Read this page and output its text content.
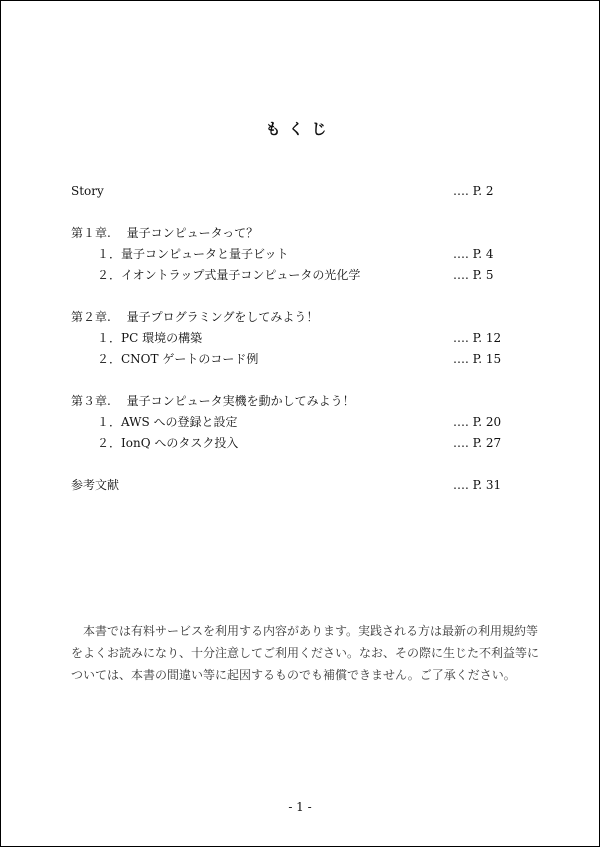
もくじ
Story	…. P. 2
第１章.　 量子コンピュータって？
１．量子コンピュータと量子ビット	…. P. 4
２．イオントラップ式量子コンピュータの光化学	…. P. 5
第２章.　 量子プログラミングをしてみよう！
１．PC 環境の構築	…. P. 12
２．CNOT ゲートのコード例	…. P. 15
第３章.　 量子コンピュータ実機を動かしてみよう！
１．AWS への登録と設定	…. P. 20
２．IonQ へのタスク投入	…. P. 27
参考文献	…. P. 31
本書では有料サービスを利用する内容があります。実践される方は最新の利用規約等をよくお読みになり、十分注意してご利用ください。なお、その際に生じた不利益等については、本書の間違い等に起因するものでも補償できません。ご了承ください。
- 1 -
